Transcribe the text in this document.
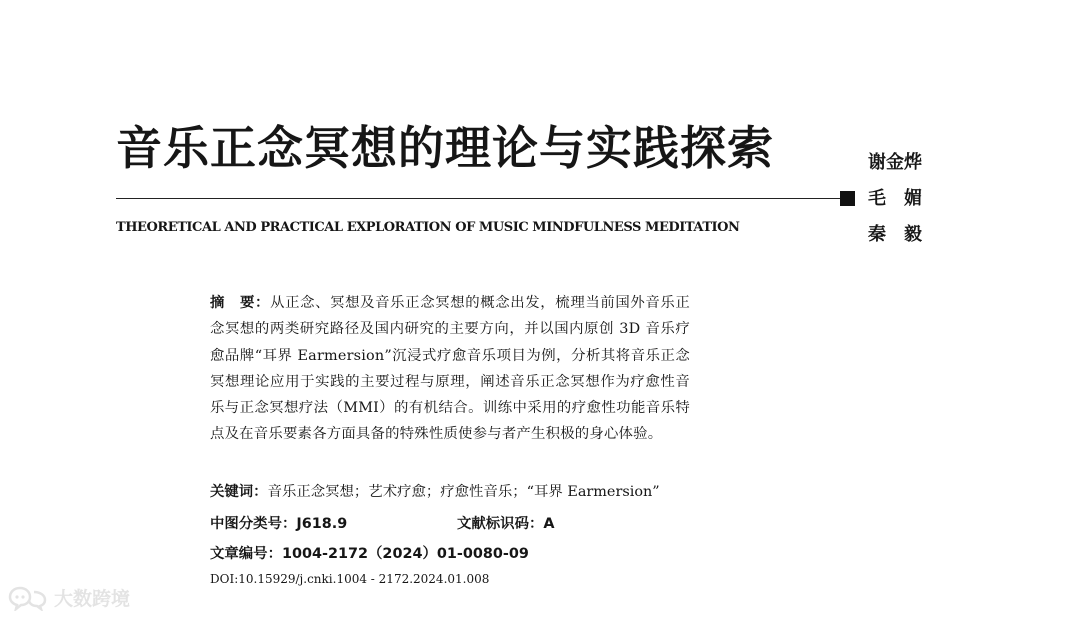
音乐正念冥想的理论与实践探索

THEORETICAL AND PRACTICAL EXPLORATION OF MUSIC MINDFULNESS MEDITATION

谢金烨
毛　媚
秦　毅

摘　要：从正念、冥想及音乐正念冥想的概念出发，梳理当前国外音乐正念冥想的两类研究路径及国内研究的主要方向，并以国内原创 3D 音乐疗愈品牌“耳界 Earmersion”沉浸式疗愈音乐项目为例，分析其将音乐正念冥想理论应用于实践的主要过程与原理，阐述音乐正念冥想作为疗愈性音乐与正念冥想疗法（MMI）的有机结合。训练中采用的疗愈性功能音乐特点及在音乐要素各方面具备的特殊性质使参与者产生积极的身心体验。

关键词：音乐正念冥想；艺术疗愈；疗愈性音乐；“耳界 Earmersion”

中图分类号：J618.9	文献标识码：A

文章编号：1004-2172（2024）01-0080-09

DOI:10.15929/j.cnki.1004 - 2172.2024.01.008

大数跨境
